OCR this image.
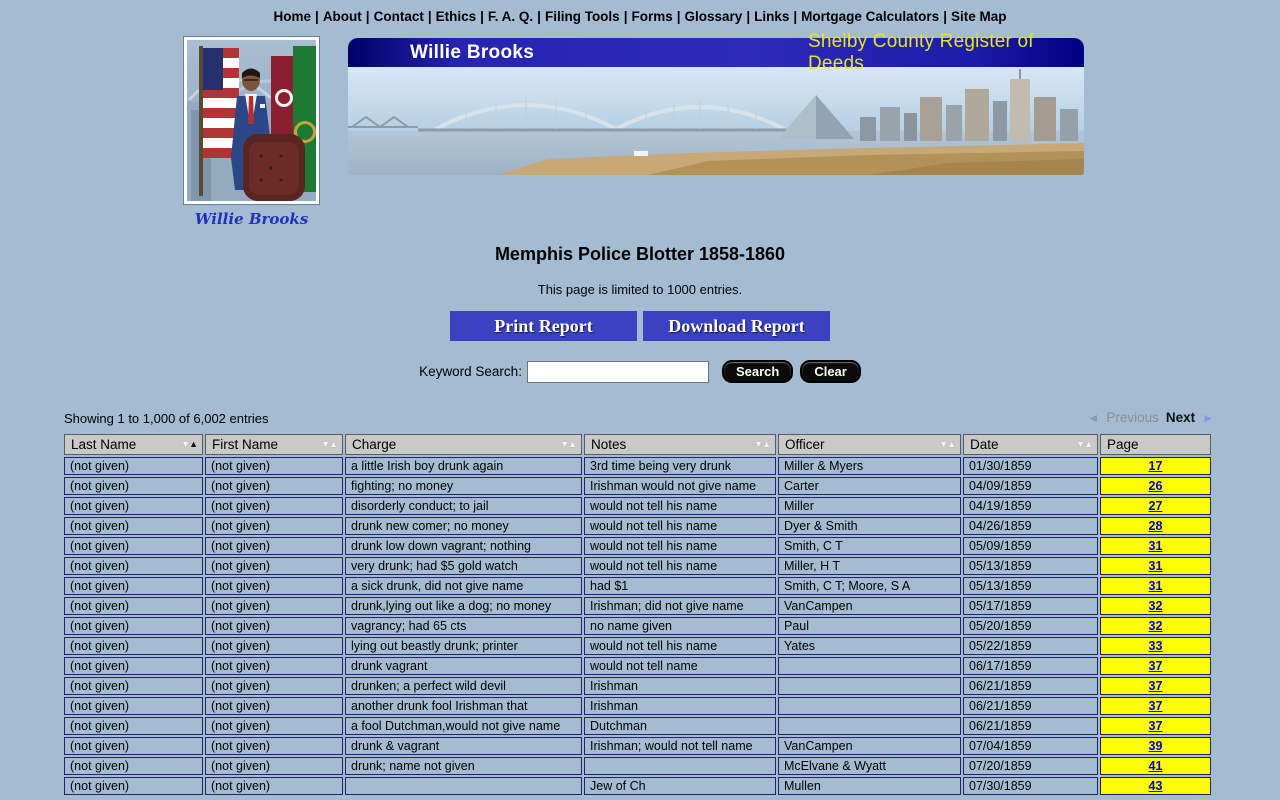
Home | About | Contact | Ethics | F. A. Q. | Filing Tools | Forms | Glossary | Links | Mortgage Calculators | Site Map
Willie Brooks
Willie Brooks
Shelby County Register of Deeds
Memphis Police Blotter 1858-1860
This page is limited to 1000 entries.
Print Report	Download Report
Keyword Search:	Search	Clear
Showing 1 to 1,000 of 6,002 entries	◄ Previous Next ►
Last Name ▼▲	First Name ▼▲	Charge ▼▲	Notes ▼▲	Officer ▼▲	Date ▼▲	Page
(not given)	(not given)	a little Irish boy drunk again	3rd time being very drunk	Miller & Myers	01/30/1859	17
(not given)	(not given)	fighting; no money	Irishman would not give name	Carter	04/09/1859	26
(not given)	(not given)	disorderly conduct; to jail	would not tell his name	Miller	04/19/1859	27
(not given)	(not given)	drunk new comer; no money	would not tell his name	Dyer & Smith	04/26/1859	28
(not given)	(not given)	drunk low down vagrant; nothing	would not tell his name	Smith, C T	05/09/1859	31
(not given)	(not given)	very drunk; had $5 gold watch	would not tell his name	Miller, H T	05/13/1859	31
(not given)	(not given)	a sick drunk, did not give name	had $1	Smith, C T; Moore, S A	05/13/1859	31
(not given)	(not given)	drunk,lying out like a dog; no money	Irishman; did not give name	VanCampen	05/17/1859	32
(not given)	(not given)	vagrancy; had 65 cts	no name given	Paul	05/20/1859	32
(not given)	(not given)	lying out beastly drunk; printer	would not tell his name	Yates	05/22/1859	33
(not given)	(not given)	drunk vagrant	would not tell name		06/17/1859	37
(not given)	(not given)	drunken; a perfect wild devil	Irishman		06/21/1859	37
(not given)	(not given)	another drunk fool Irishman that	Irishman		06/21/1859	37
(not given)	(not given)	a fool Dutchman,would not give name	Dutchman		06/21/1859	37
(not given)	(not given)	drunk & vagrant	Irishman; would not tell name	VanCampen	07/04/1859	39
(not given)	(not given)	drunk; name not given		McElvane & Wyatt	07/20/1859	41
(not given)	(not given)		Jew of Ch	Mullen	07/30/1859	43
